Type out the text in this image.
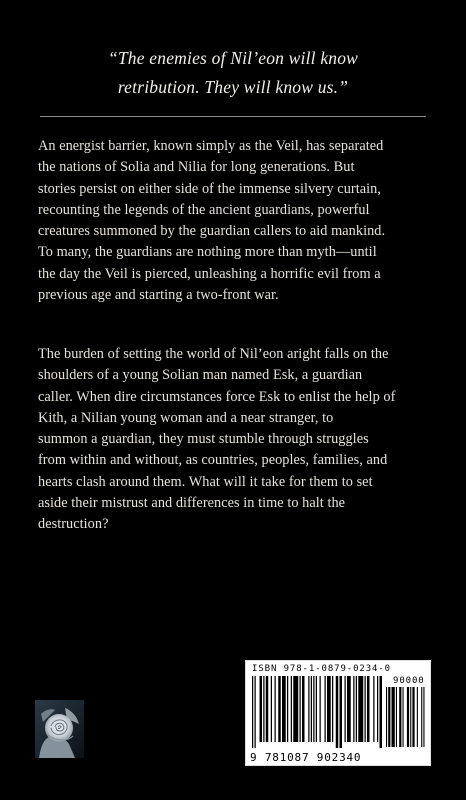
“The enemies of Nil’eon will know
retribution. They will know us.”
An energist barrier, known simply as the Veil, has separated
the nations of Solia and Nilia for long generations. But
stories persist on either side of the immense silvery curtain,
recounting the legends of the ancient guardians, powerful
creatures summoned by the guardian callers to aid mankind.
To many, the guardians are nothing more than myth—until
the day the Veil is pierced, unleashing a horrific evil from a
previous age and starting a two-front war.
The burden of setting the world of Nil’eon aright falls on the
shoulders of a young Solian man named Esk, a guardian
caller. When dire circumstances force Esk to enlist the help of
Kith, a Nilian young woman and a near stranger, to
summon a guardian, they must stumble through struggles
from within and without, as countries, peoples, families, and
hearts clash around them. What will it take for them to set
aside their mistrust and differences in time to halt the
destruction?
ISBN 978-1-0879-0234-0
90000
9 781087 902340
